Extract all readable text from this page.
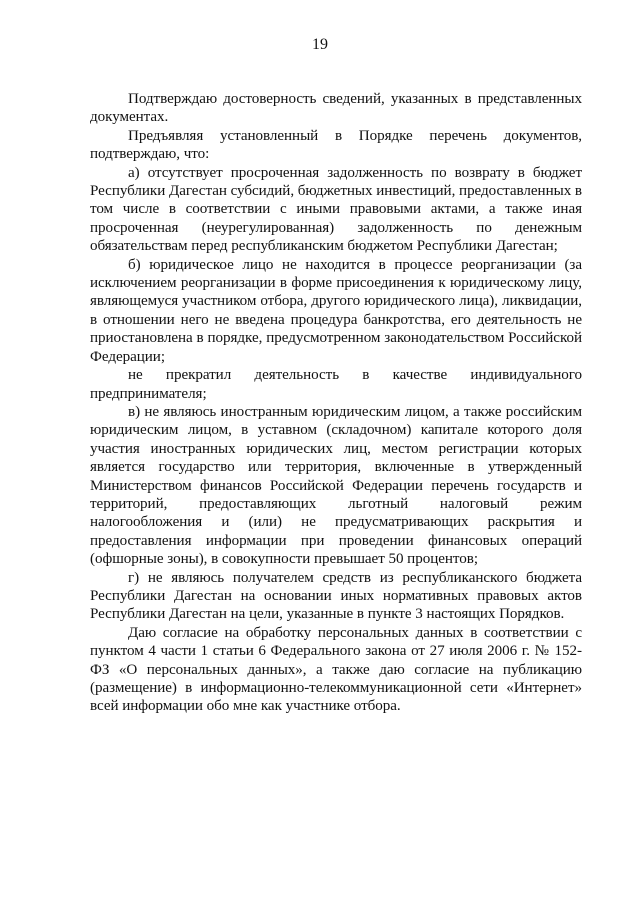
19

Подтверждаю достоверность сведений, указанных в представленных документах.

Предъявляя установленный в Порядке перечень документов, подтверждаю, что:

а) отсутствует просроченная задолженность по возврату в бюджет Республики Дагестан субсидий, бюджетных инвестиций, предоставленных в том числе в соответствии с иными правовыми актами, а также иная просроченная (неурегулированная) задолженность по денежным обязательствам перед республиканским бюджетом Республики Дагестан;

б) юридическое лицо не находится в процессе реорганизации (за исключением реорганизации в форме присоединения к юридическому лицу, являющемуся участником отбора, другого юридического лица), ликвидации, в отношении него не введена процедура банкротства, его деятельность не приостановлена в порядке, предусмотренном законодательством Российской Федерации;

не прекратил деятельность в качестве индивидуального предпринимателя;

в) не являюсь иностранным юридическим лицом, а также российским юридическим лицом, в уставном (складочном) капитале которого доля участия иностранных юридических лиц, местом регистрации которых является государство или территория, включенные в утвержденный Министерством финансов Российской Федерации перечень государств и территорий, предоставляющих льготный налоговый режим налогообложения и (или) не предусматривающих раскрытия и предоставления информации при проведении финансовых операций (офшорные зоны), в совокупности превышает 50 процентов;

г) не являюсь получателем средств из республиканского бюджета Республики Дагестан на основании иных нормативных правовых актов Республики Дагестан на цели, указанные в пункте 3 настоящих Порядков.

Даю согласие на обработку персональных данных в соответствии с пунктом 4 части 1 статьи 6 Федерального закона от 27 июля 2006 г. № 152-ФЗ «О персональных данных», а также даю согласие на публикацию (размещение) в информационно-телекоммуникационной сети «Интернет» всей информации обо мне как участнике отбора.
